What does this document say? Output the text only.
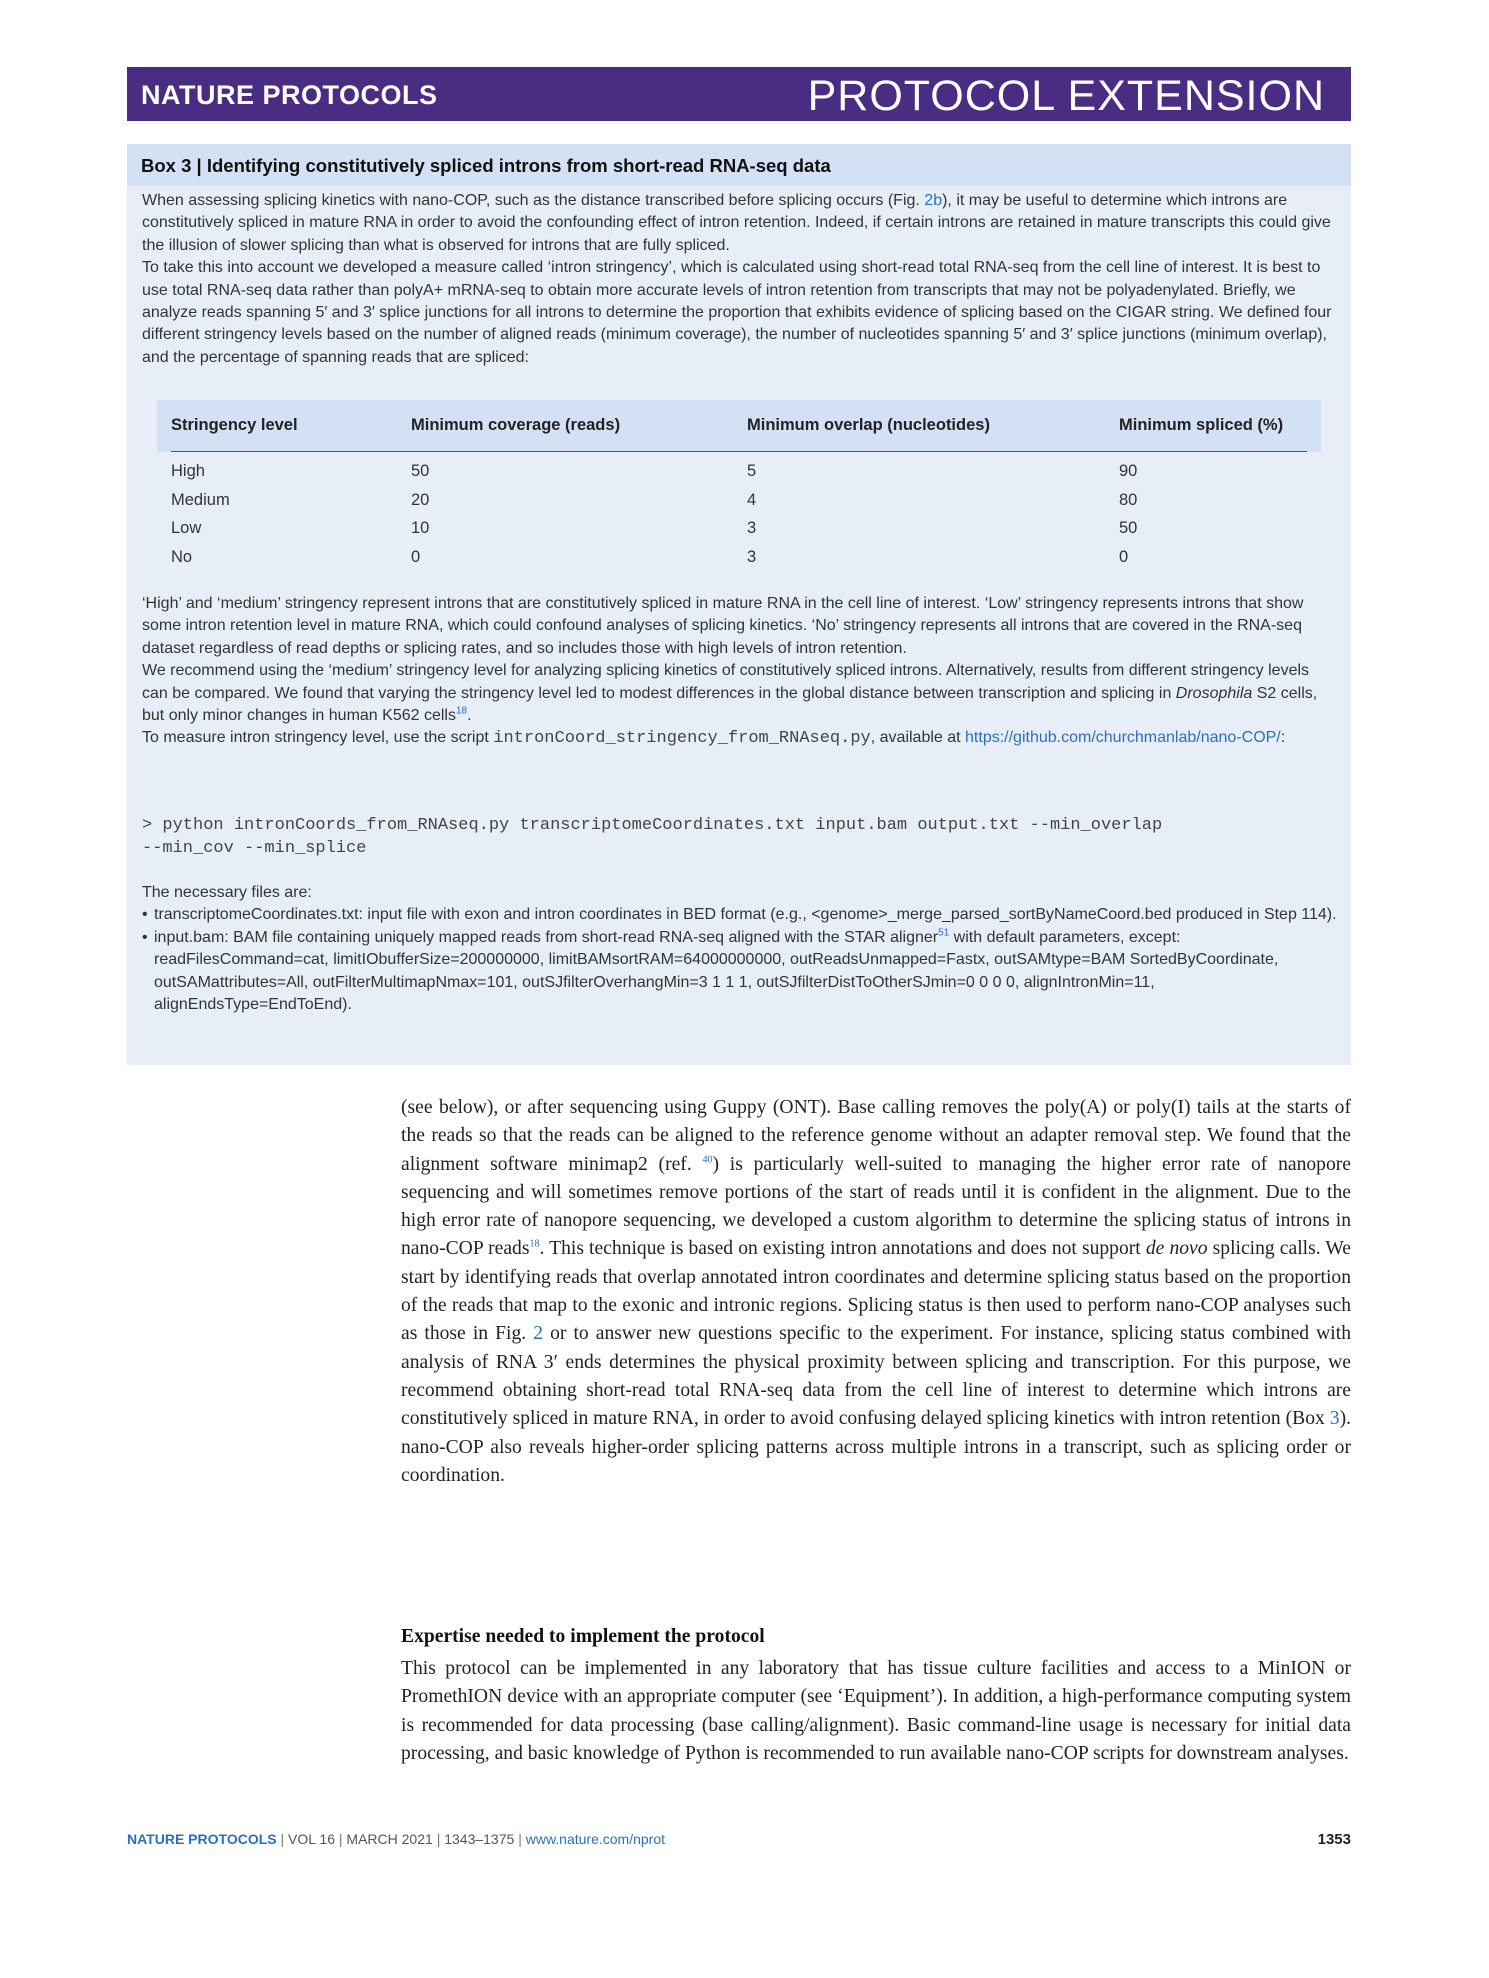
NATURE PROTOCOLS	PROTOCOL EXTENSION
Box 3 | Identifying constitutively spliced introns from short-read RNA-seq data

When assessing splicing kinetics with nano-COP, such as the distance transcribed before splicing occurs (Fig. 2b), it may be useful to determine which introns are constitutively spliced in mature RNA in order to avoid the confounding effect of intron retention. Indeed, if certain introns are retained in mature transcripts this could give the illusion of slower splicing than what is observed for introns that are fully spliced.

To take this into account we developed a measure called ‘intron stringency’, which is calculated using short-read total RNA-seq from the cell line of interest. It is best to use total RNA-seq data rather than polyA+ mRNA-seq to obtain more accurate levels of intron retention from transcripts that may not be polyadenylated. Briefly, we analyze reads spanning 5′ and 3′ splice junctions for all introns to determine the proportion that exhibits evidence of splicing based on the CIGAR string. We defined four different stringency levels based on the number of aligned reads (minimum coverage), the number of nucleotides spanning 5′ and 3′ splice junctions (minimum overlap), and the percentage of spanning reads that are spliced:

Stringency level	Minimum coverage (reads)	Minimum overlap (nucleotides)	Minimum spliced (%)
High	50	5	90
Medium	20	4	80
Low	10	3	50
No	0	3	0

‘High’ and ‘medium’ stringency represent introns that are constitutively spliced in mature RNA in the cell line of interest. ‘Low’ stringency represents introns that show some intron retention level in mature RNA, which could confound analyses of splicing kinetics. ‘No’ stringency represents all introns that are covered in the RNA-seq dataset regardless of read depths or splicing rates, and so includes those with high levels of intron retention.

We recommend using the ‘medium’ stringency level for analyzing splicing kinetics of constitutively spliced introns. Alternatively, results from different stringency levels can be compared. We found that varying the stringency level led to modest differences in the global distance between transcription and splicing in Drosophila S2 cells, but only minor changes in human K562 cells$^{18}$.

To measure intron stringency level, use the script intronCoord_stringency_from_RNAseq.py, available at https://github.com/churchmanlab/nano-COP/:

> python intronCoords_from_RNAseq.py transcriptomeCoordinates.txt input.bam output.txt --min_overlap
--min_cov --min_splice

The necessary files are:

• transcriptomeCoordinates.txt: input file with exon and intron coordinates in BED format (e.g., <genome>_merge_parsed_sortByNameCoord.bed produced in Step 114).
• input.bam: BAM file containing uniquely mapped reads from short-read RNA-seq aligned with the STAR aligner$^{51}$ with default parameters, except: readFilesCommand=cat, limitIObufferSize=200000000, limitBAMsortRAM=64000000000, outReadsUnmapped=Fastx, outSAMtype=BAM SortedByCoordinate, outSAMattributes=All, outFilterMultimapNmax=101, outSJfilterOverhangMin=3 1 1 1, outSJfilterDistToOtherSJmin=0 0 0 0, alignIntronMin=11, alignEndsType=EndToEnd).

(see below), or after sequencing using Guppy (ONT). Base calling removes the poly(A) or poly(I) tails at the starts of the reads so that the reads can be aligned to the reference genome without an adapter removal step. We found that the alignment software minimap2 (ref. $^{40}$) is particularly well-suited to managing the higher error rate of nanopore sequencing and will sometimes remove portions of the start of reads until it is confident in the alignment. Due to the high error rate of nanopore sequencing, we developed a custom algorithm to determine the splicing status of introns in nano-COP reads$^{18}$. This technique is based on existing intron annotations and does not support de novo splicing calls. We start by identifying reads that overlap annotated intron coordinates and determine splicing status based on the proportion of the reads that map to the exonic and intronic regions. Splicing status is then used to perform nano-COP analyses such as those in Fig. 2 or to answer new questions specific to the experiment. For instance, splicing status combined with analysis of RNA 3′ ends determines the physical proximity between splicing and transcription. For this purpose, we recommend obtaining short-read total RNA-seq data from the cell line of interest to determine which introns are constitutively spliced in mature RNA, in order to avoid confusing delayed splicing kinetics with intron retention (Box 3). nano-COP also reveals higher-order splicing patterns across multiple introns in a transcript, such as splicing order or coordination.

Expertise needed to implement the protocol

This protocol can be implemented in any laboratory that has tissue culture facilities and access to a MinION or PromethION device with an appropriate computer (see ‘Equipment’). In addition, a high-performance computing system is recommended for data processing (base calling/alignment). Basic command-line usage is necessary for initial data processing, and basic knowledge of Python is recommended to run available nano-COP scripts for downstream analyses.

NATURE PROTOCOLS | VOL 16 | MARCH 2021 | 1343–1375 | www.nature.com/nprot	1353
